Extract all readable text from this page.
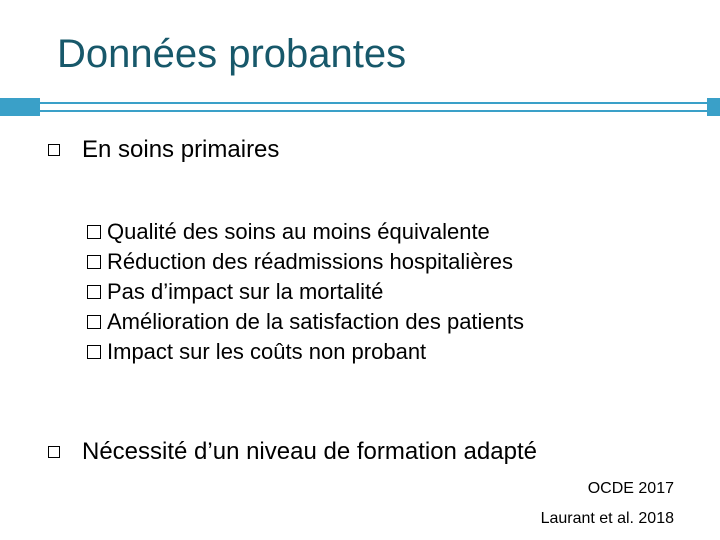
Données probantes
En soins primaires
Qualité des soins au moins équivalente
Réduction des réadmissions hospitalières
Pas d’impact sur la mortalité
Amélioration de la satisfaction des patients
Impact sur les coûts non probant
Nécessité d’un niveau de formation adapté
OCDE 2017
Laurant et al. 2018
